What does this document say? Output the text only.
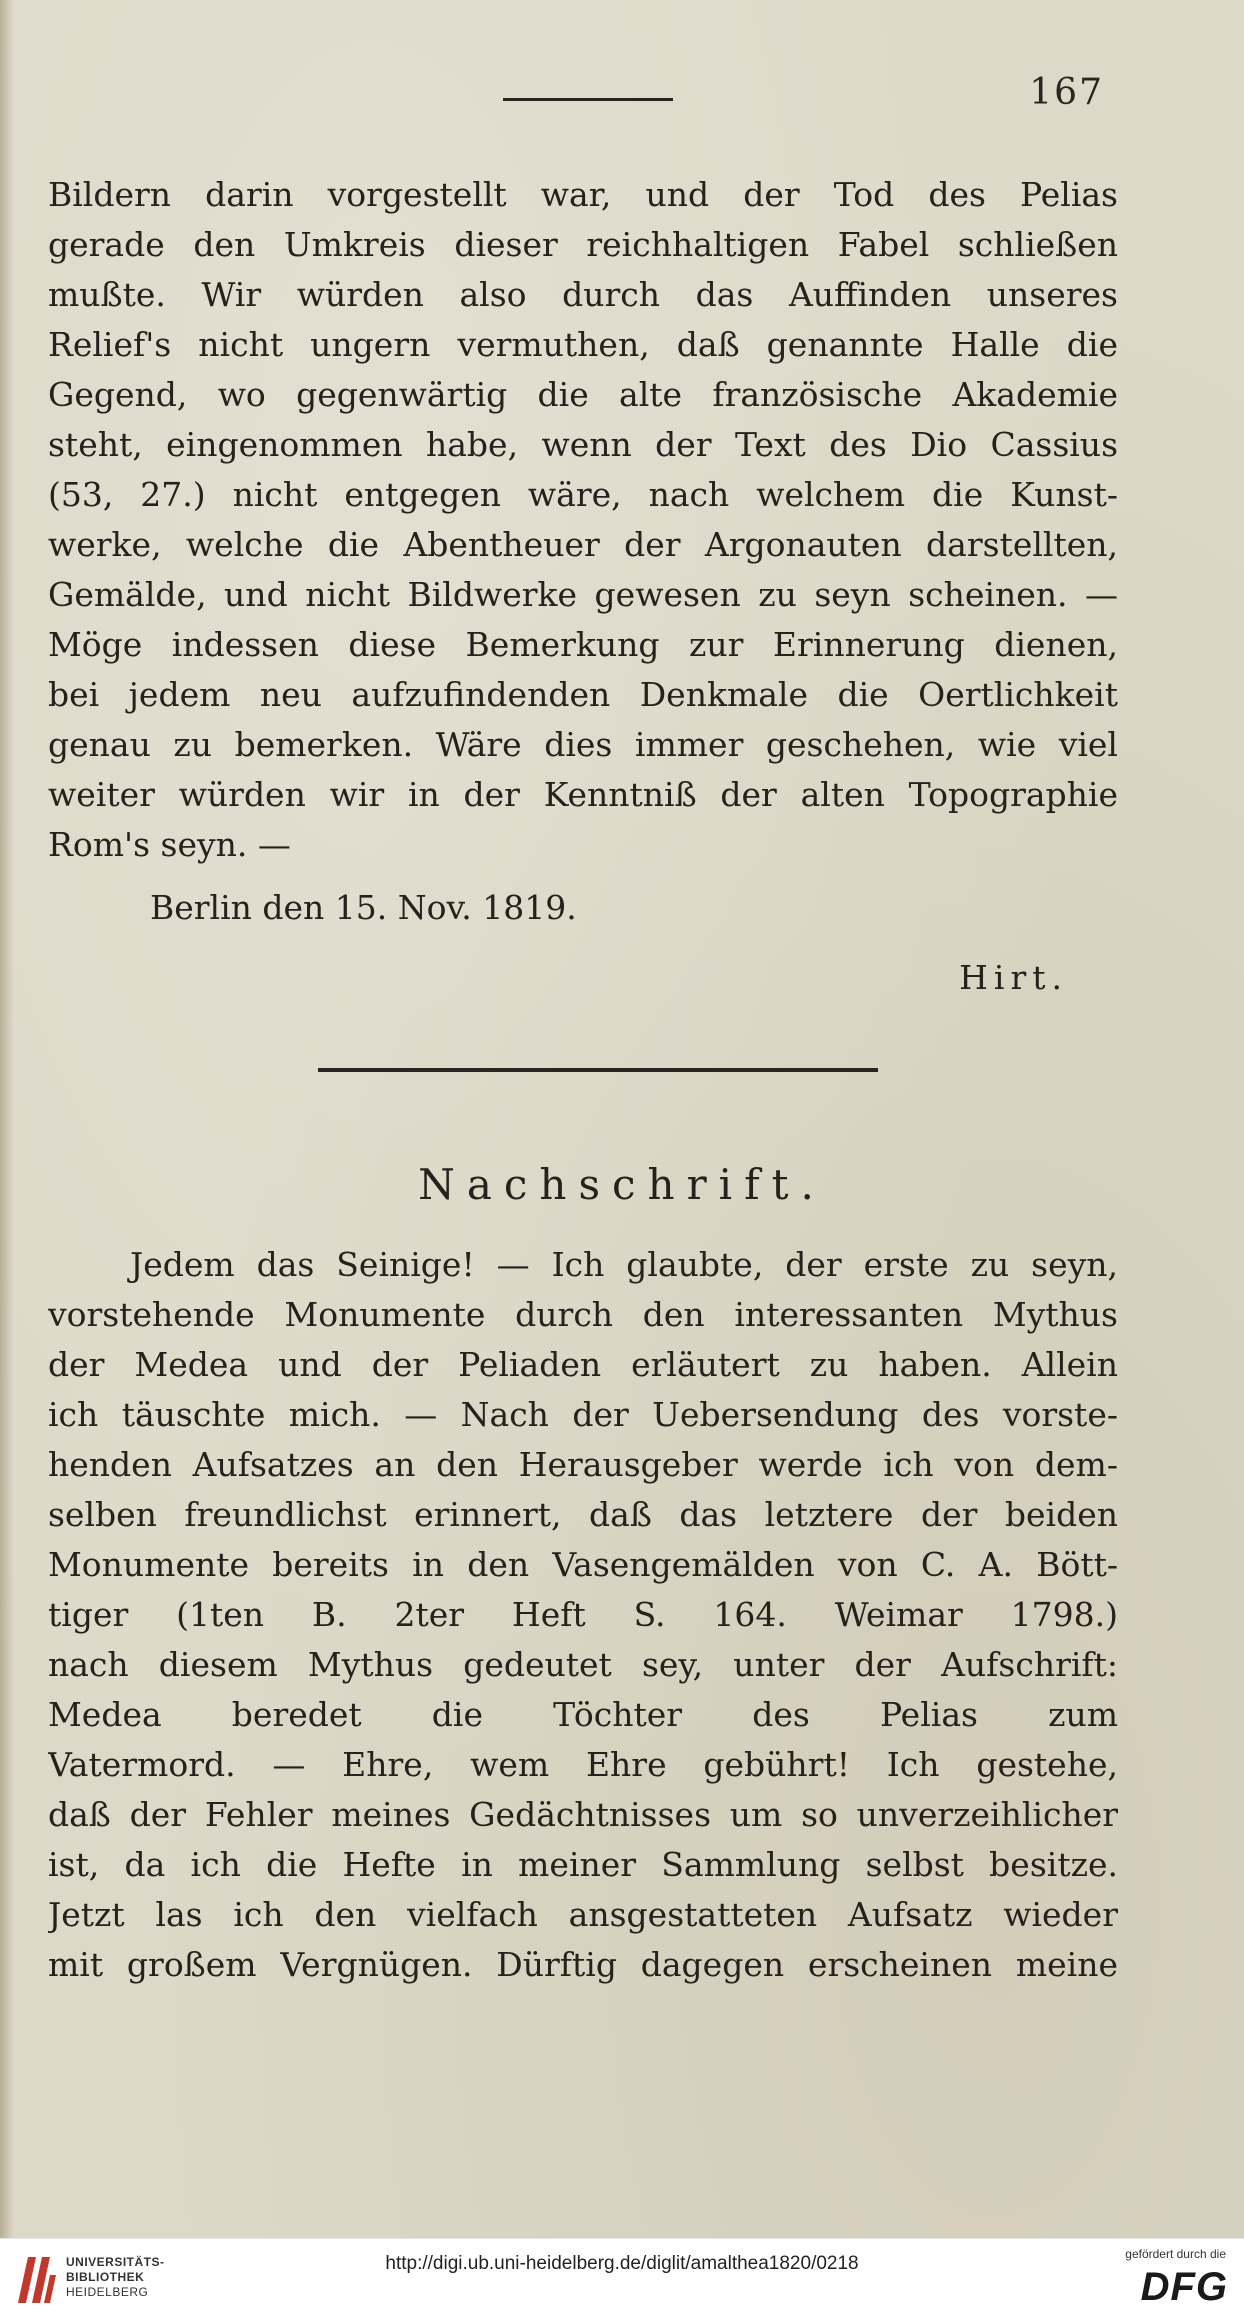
167
Bildern darin vorgestellt war, und der Tod des Pelias
gerade den Umkreis dieser reichhaltigen Fabel schließen
mußte. Wir würden also durch das Auffinden unseres
Relief's nicht ungern vermuthen, daß genannte Halle die
Gegend, wo gegenwärtig die alte französische Akademie
steht, eingenommen habe, wenn der Text des Dio Cassius
(53, 27.) nicht entgegen wäre, nach welchem die Kunst-
werke, welche die Abentheuer der Argonauten darstellten,
Gemälde, und nicht Bildwerke gewesen zu seyn scheinen. —
Möge indessen diese Bemerkung zur Erinnerung dienen,
bei jedem neu aufzufindenden Denkmale die Oertlichkeit
genau zu bemerken. Wäre dies immer geschehen, wie viel
weiter würden wir in der Kenntniß der alten Topographie
Rom's seyn. —
Berlin den 15. Nov. 1819.
Hirt.
Nachschrift.
Jedem das Seinige! — Ich glaubte, der erste zu seyn,
vorstehende Monumente durch den interessanten Mythus
der Medea und der Peliaden erläutert zu haben. Allein
ich täuschte mich. — Nach der Uebersendung des vorste-
henden Aufsatzes an den Herausgeber werde ich von dem-
selben freundlichst erinnert, daß das letztere der beiden
Monumente bereits in den Vasengemälden von C. A. Bött-
tiger (1ten B. 2ter Heft S. 164. Weimar 1798.)
nach diesem Mythus gedeutet sey, unter der Aufschrift:
Medea beredet die Töchter des Pelias zum
Vatermord. — Ehre, wem Ehre gebührt! Ich gestehe,
daß der Fehler meines Gedächtnisses um so unverzeihlicher
ist, da ich die Hefte in meiner Sammlung selbst besitze.
Jetzt las ich den vielfach ansgestatteten Aufsatz wieder
mit großem Vergnügen. Dürftig dagegen erscheinen meine
UNIVERSITÄTS-
BIBLIOTHEK
HEIDELBERG
http://digi.ub.uni-heidelberg.de/diglit/amalthea1820/0218	gefördert durch die
DFG
